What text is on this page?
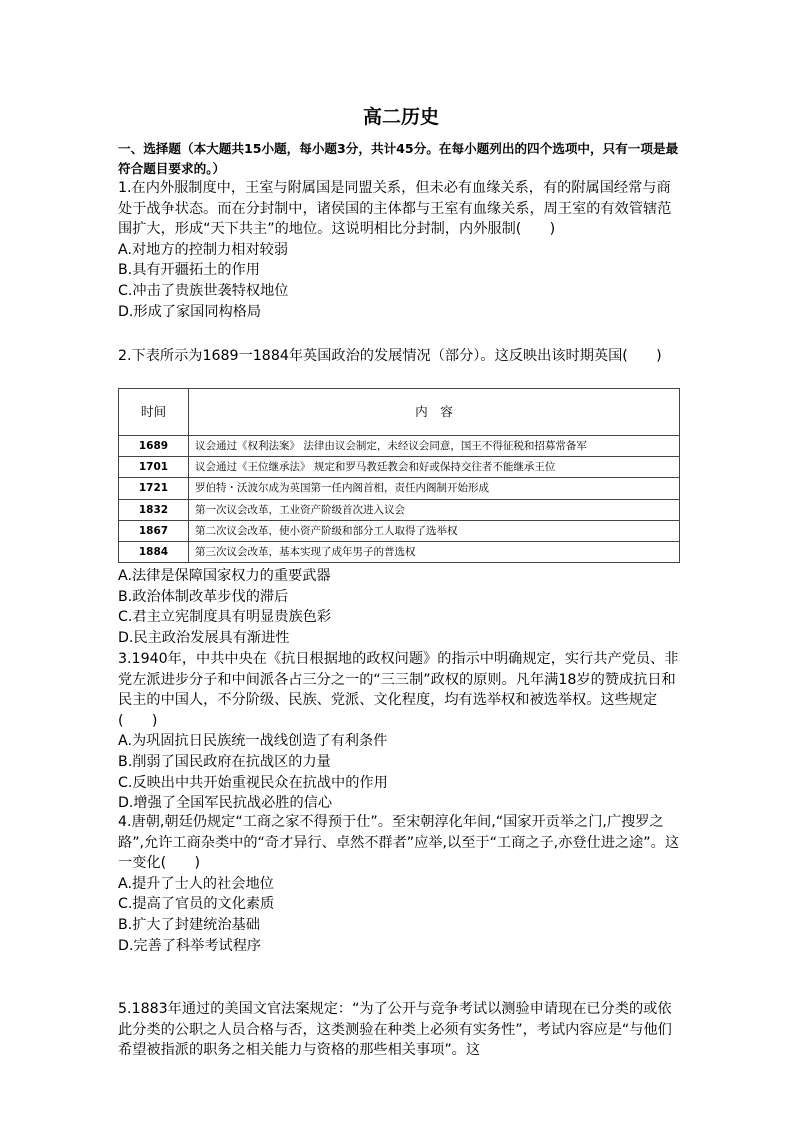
高二历史
一、选择题（本大题共15小题，每小题3分，共计45分。在每小题列出的四个选项中，只有一项是最符合题目要求的。）

1.在内外服制度中，王室与附属国是同盟关系，但未必有血缘关系，有的附属国经常与商处于战争状态。而在分封制中，诸侯国的主体都与王室有血缘关系，周王室的有效管辖范围扩大，形成“天下共主”的地位。这说明相比分封制，内外服制(　　)

A.对地方的控制力相对较弱
B.具有开疆拓土的作用
C.冲击了贵族世袭特权地位
D.形成了家国同构格局

2.下表所示为1689一1884年英国政治的发展情况（部分）。这反映出该时期英国(　　)

时间	内　容
1689	议会通过《权利法案》 法律由议会制定，未经议会同意，国王不得征税和招募常备军
1701	议会通过《王位继承法》 规定和罗马教廷教会和好或保持交往者不能继承王位
1721	罗伯特・沃波尔成为英国第一任内阁首相，责任内阁制开始形成
1832	第一次议会改革，工业资产阶级首次进入议会
1867	第二次议会改革，使小资产阶级和部分工人取得了选举权
1884	第三次议会改革，基本实现了成年男子的普选权
A.法律是保障国家权力的重要武器
B.政治体制改革步伐的滞后
C.君主立宪制度具有明显贵族色彩
D.民主政治发展具有渐进性

3.1940年，中共中央在《抗日根据地的政权问题》的指示中明确规定，实行共产党员、非党左派进步分子和中间派各占三分之一的“三三制”政权的原则。凡年满18岁的赞成抗日和民主的中国人，不分阶级、民族、党派、文化程度，均有选举权和被选举权。这些规定(　　)

A.为巩固抗日民族统一战线创造了有利条件
B.削弱了国民政府在抗战区的力量
C.反映出中共开始重视民众在抗战中的作用
D.增强了全国军民抗战必胜的信心

4.唐朝,朝廷仍规定“工商之家不得预于仕”。至宋朝淳化年间,“国家开贡举之门,广搜罗之路”,允许工商杂类中的“奇才异行、卓然不群者”应举,以至于“工商之子,亦登仕进之途”。这一变化(　　)

A.提升了士人的社会地位
C.提高了官员的文化素质
B.扩大了封建统治基础
D.完善了科举考试程序

5.1883年通过的美国文官法案规定：“为了公开与竞争考试以测验申请现在已分类的或依此分类的公职之人员合格与否，这类测验在种类上必须有实务性”，考试内容应是“与他们希望被指派的职务之相关能力与资格的那些相关事项”。这
